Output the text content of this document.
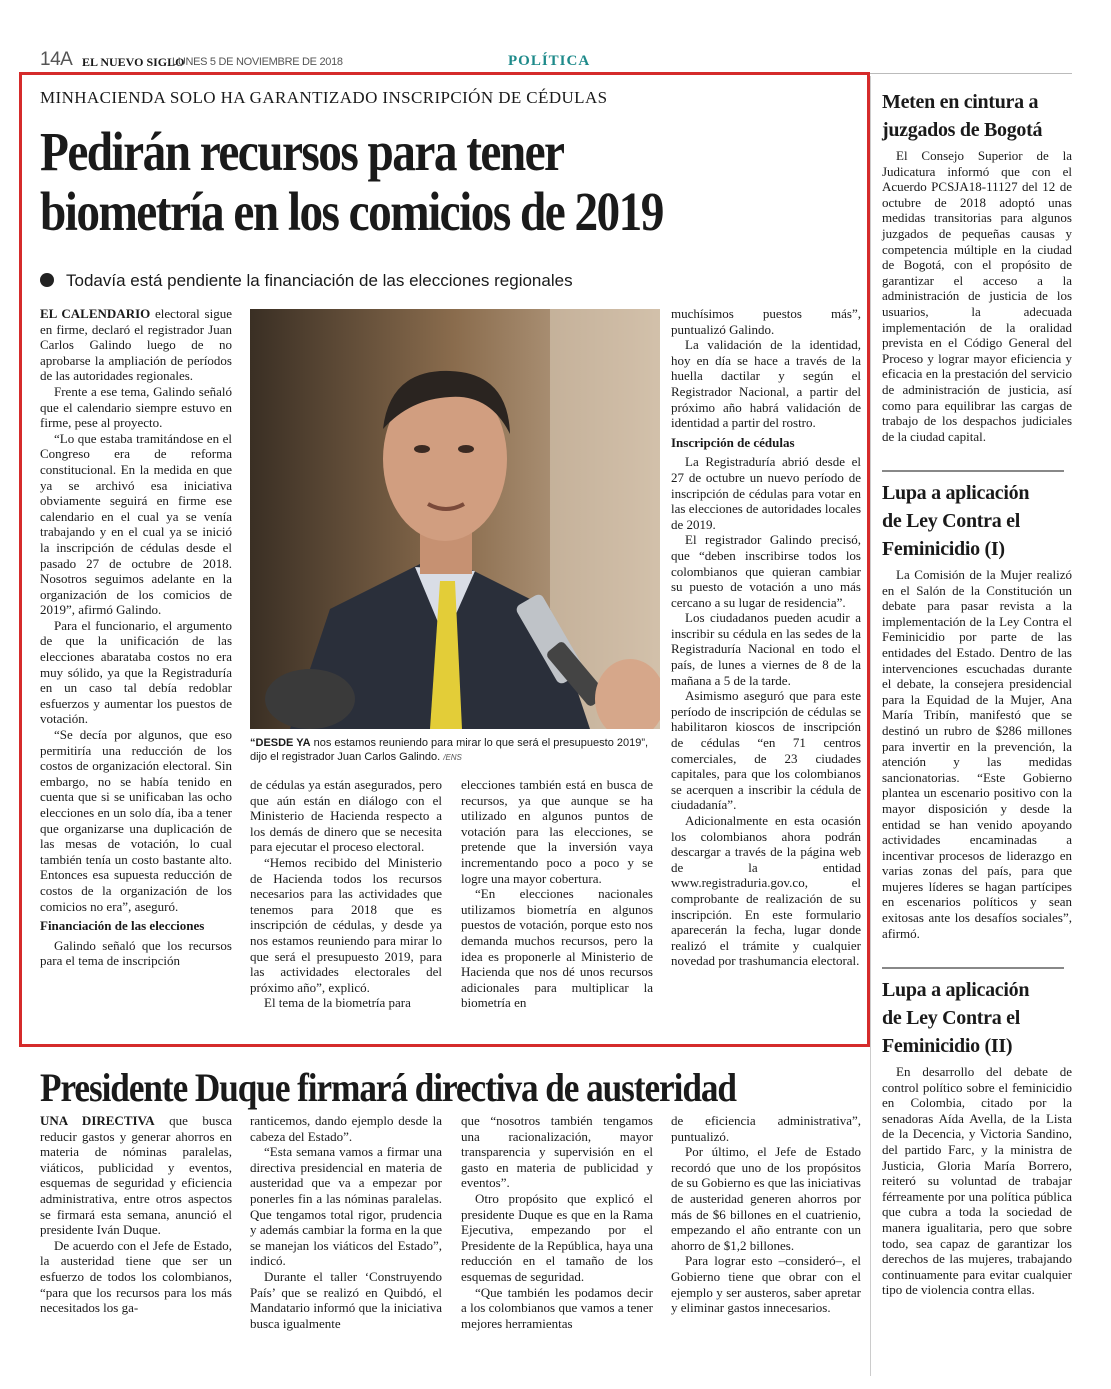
14A EL NUEVO SIGLO
LUNES 5 DE NOVIEMBRE DE 2018	POLÍTICA
MINHACIENDA SOLO HA GARANTIZADO INSCRIPCIÓN DE CÉDULAS
Pedirán recursos para tener
biometría en los comicios de 2019
Todavía está pendiente la financiación de las elecciones regionales

EL CALENDARIO electoral sigue en firme, declaró el registrador Juan Carlos Galindo luego de no aprobarse la ampliación de períodos de las autoridades regionales.

Frente a ese tema, Galindo señaló que el calendario siempre estuvo en firme, pese al proyecto.

“Lo que estaba tramitándose en el Congreso era de reforma constitucional. En la medida en que ya se archivó esa iniciativa obviamente seguirá en firme ese calendario en el cual ya se venía trabajando y en el cual ya se inició la inscripción de cédulas desde el pasado 27 de octubre de 2018. Nosotros seguimos adelante en la organización de los comicios de 2019”, afirmó Galindo.

Para el funcionario, el argumento de que la unificación de las elecciones abarataba costos no era muy sólido, ya que la Registraduría en un caso tal debía redoblar esfuerzos y aumentar los puestos de votación.

“Se decía por algunos, que eso permitiría una reducción de los costos de organización electoral. Sin embargo, no se había tenido en cuenta que si se unificaban las ocho elecciones en un solo día, iba a tener que organizarse una duplicación de las mesas de votación, lo cual también tenía un costo bastante alto. Entonces esa supuesta reducción de costos de la organización de los comicios no era”, aseguró.

Financiación de las elecciones

Galindo señaló que los recursos para el tema de inscripción

“DESDE YA nos estamos reuniendo para mirar lo que será el presupuesto 2019”, dijo el registrador Juan Carlos Galindo. /ENS

de cédulas ya están asegurados, pero que aún están en diálogo con el Ministerio de Hacienda respecto a los demás de dinero que se necesita para ejecutar el proceso electoral.

“Hemos recibido del Ministerio de Hacienda todos los recursos necesarios para las actividades que tenemos para 2018 que es inscripción de cédulas, y desde ya nos estamos reuniendo para mirar lo que será el presupuesto 2019, para las actividades electorales del próximo año”, explicó.

El tema de la biometría para

elecciones también está en busca de recursos, ya que aunque se ha utilizado en algunos puntos de votación para las elecciones, se pretende que la inversión vaya incrementando poco a poco y se logre una mayor cobertura.

“En elecciones nacionales utilizamos biometría en algunos puestos de votación, porque esto nos demanda muchos recursos, pero la idea es proponerle al Ministerio de Hacienda que nos dé unos recursos adicionales para multiplicar la biometría en

muchísimos puestos más”, puntualizó Galindo.

La validación de la identidad, hoy en día se hace a través de la huella dactilar y según el Registrador Nacional, a partir del próximo año habrá validación de identidad a partir del rostro.

Inscripción de cédulas

La Registraduría abrió desde el 27 de octubre un nuevo período de inscripción de cédulas para votar en las elecciones de autoridades locales de 2019.

El registrador Galindo precisó, que “deben inscribirse todos los colombianos que quieran cambiar su puesto de votación a uno más cercano a su lugar de residencia”.

Los ciudadanos pueden acudir a inscribir su cédula en las sedes de la Registraduría Nacional en todo el país, de lunes a viernes de 8 de la mañana a 5 de la tarde.

Asimismo aseguró que para este período de inscripción de cédulas se habilitaron kioscos de inscripción de cédulas “en 71 centros comerciales, de 23 ciudades capitales, para que los colombianos se acerquen a inscribir la cédula de ciudadanía”.

Adicionalmente en esta ocasión los colombianos ahora podrán descargar a través de la página web de la entidad www.registraduria.gov.co, el comprobante de realización de su inscripción. En este formulario aparecerán la fecha, lugar donde realizó el trámite y cualquier novedad por trashumancia electoral.

Meten en cintura a
juzgados de Bogotá

El Consejo Superior de la Judicatura informó que con el Acuerdo PCSJA18-11127 del 12 de octubre de 2018 adoptó unas medidas transitorias para algunos juzgados de pequeñas causas y competencia múltiple en la ciudad de Bogotá, con el propósito de garantizar el acceso a la administración de justicia de los usuarios, la adecuada implementación de la oralidad prevista en el Código General del Proceso y lograr mayor eficiencia y eficacia en la prestación del servicio de administración de justicia, así como para equilibrar las cargas de trabajo de los despachos judiciales de la ciudad capital.

Lupa a aplicación
de Ley Contra el
Feminicidio (I)

La Comisión de la Mujer realizó en el Salón de la Constitución un debate para pasar revista a la implementación de la Ley Contra el Feminicidio por parte de las entidades del Estado. Dentro de las intervenciones escuchadas durante el debate, la consejera presidencial para la Equidad de la Mujer, Ana María Tribín, manifestó que se destinó un rubro de $286 millones para invertir en la prevención, la atención y las medidas sancionatorias. “Este Gobierno plantea un escenario positivo con la mayor disposición y desde la entidad se han venido apoyando actividades encaminadas a incentivar procesos de liderazgo en varias zonas del país, para que mujeres líderes se hagan partícipes en escenarios políticos y sean exitosas ante los desafíos sociales”, afirmó.

Lupa a aplicación
de Ley Contra el
Feminicidio (II)

En desarrollo del debate de control político sobre el feminicidio en Colombia, citado por la senadoras Aída Avella, de la Lista de la Decencia, y Victoria Sandino, del partido Farc, y la ministra de Justicia, Gloria María Borrero, reiteró su voluntad de trabajar férreamente por una política pública que cubra a toda la sociedad de manera igualitaria, pero que sobre todo, sea capaz de garantizar los derechos de las mujeres, trabajando continuamente para evitar cualquier tipo de violencia contra ellas.

Presidente Duque firmará directiva de austeridad

UNA DIRECTIVA que busca reducir gastos y generar ahorros en materia de nóminas paralelas, viáticos, publicidad y eventos, esquemas de seguridad y eficiencia administrativa, entre otros aspectos se firmará esta semana, anunció el presidente Iván Duque.

De acuerdo con el Jefe de Estado, la austeridad tiene que ser un esfuerzo de todos los colombianos, “para que los recursos para los más necesitados los ga-

ranticemos, dando ejemplo desde la cabeza del Estado”.

“Esta semana vamos a firmar una directiva presidencial en materia de austeridad que va a empezar por ponerles fin a las nóminas paralelas. Que tengamos total rigor, prudencia y además cambiar la forma en la que se manejan los viáticos del Estado”, indicó.

Durante el taller ‘Construyendo País’ que se realizó en Quibdó, el Mandatario informó que la iniciativa busca igualmente

que “nosotros también tengamos una racionalización, mayor transparencia y supervisión en el gasto en materia de publicidad y eventos”.

Otro propósito que explicó el presidente Duque es que en la Rama Ejecutiva, empezando por el Presidente de la República, haya una reducción en el tamaño de los esquemas de seguridad.

“Que también les podamos decir a los colombianos que vamos a tener mejores herramientas

de eficiencia administrativa”, puntualizó.

Por último, el Jefe de Estado recordó que uno de los propósitos de su Gobierno es que las iniciativas de austeridad generen ahorros por más de $6 billones en el cuatrienio, empezando el año entrante con un ahorro de $1,2 billones.

Para lograr esto –consideró–, el Gobierno tiene que obrar con el ejemplo y ser austeros, saber apretar y eliminar gastos innecesarios.
